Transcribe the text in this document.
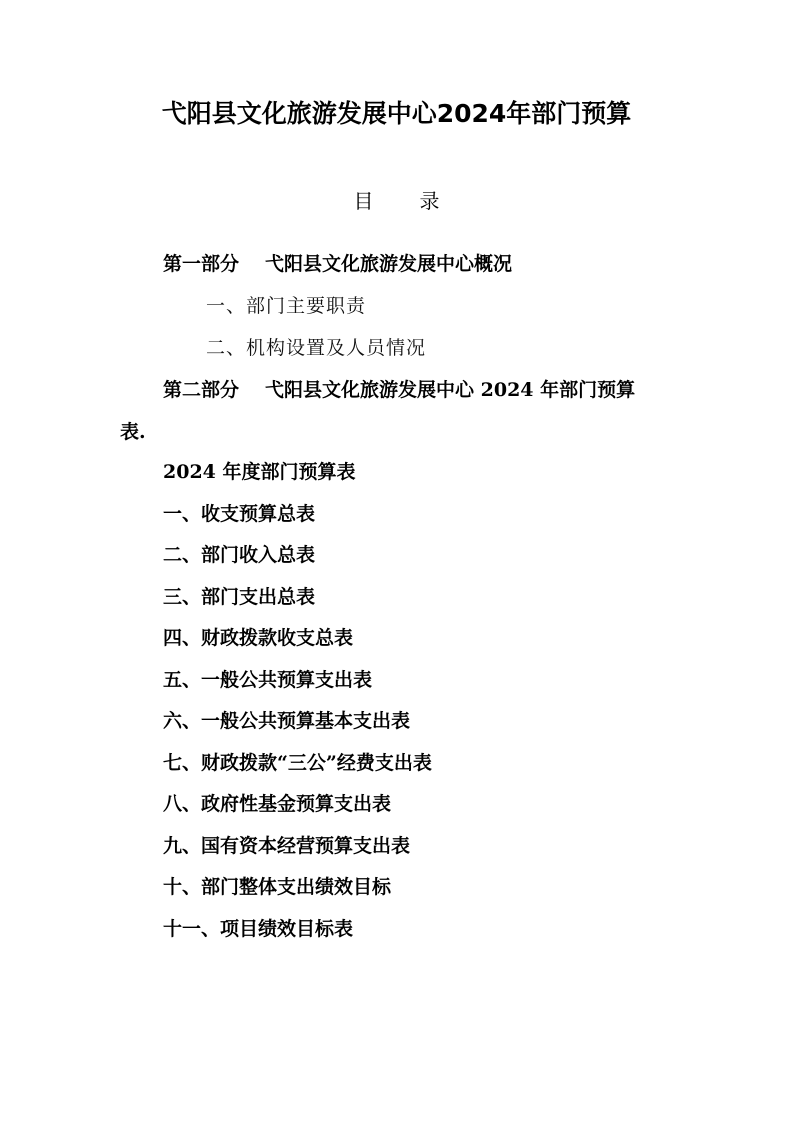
弋阳县文化旅游发展中心2024年部门预算
目 录
第一部分 弋阳县文化旅游发展中心概况
一、部门主要职责
二、机构设置及人员情况
第二部分 弋阳县文化旅游发展中心 2024 年部门预算
表.
2024 年度部门预算表
一、收支预算总表
二、部门收入总表
三、部门支出总表
四、财政拨款收支总表
五、一般公共预算支出表
六、一般公共预算基本支出表
七、财政拨款“三公”经费支出表
八、政府性基金预算支出表
九、国有资本经营预算支出表
十、部门整体支出绩效目标
十一、项目绩效目标表
